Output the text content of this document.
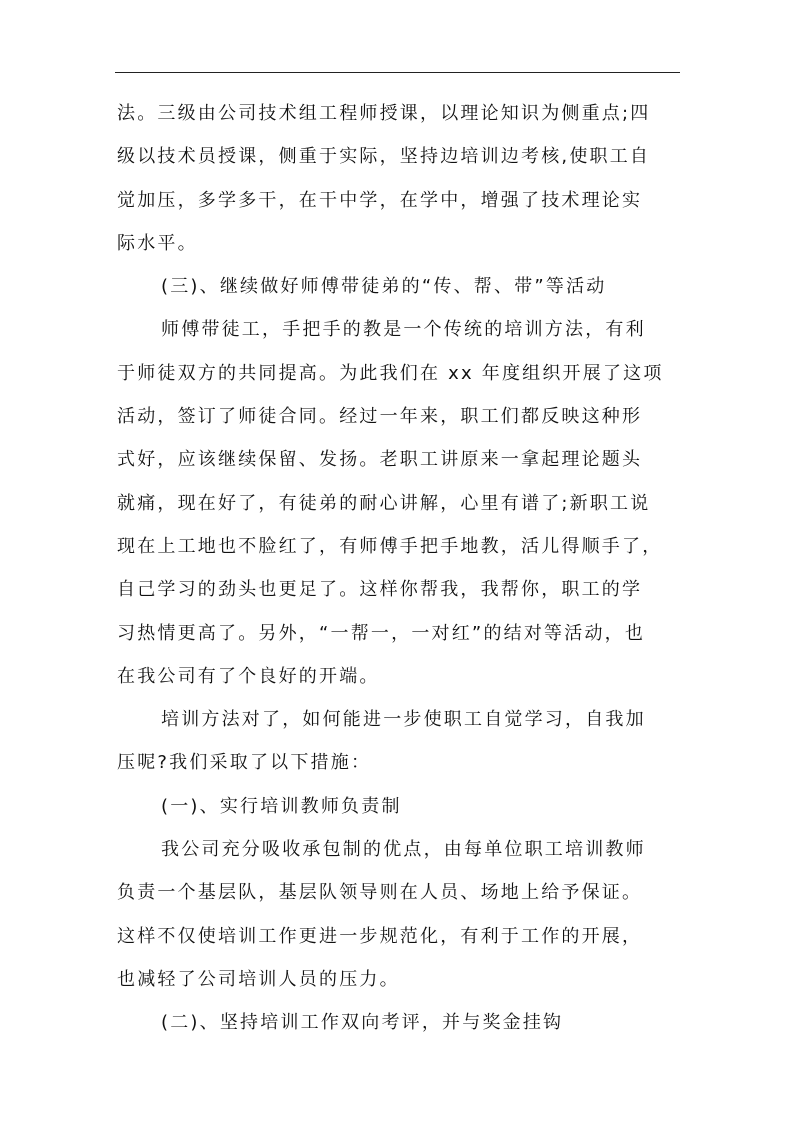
法。三级由公司技术组工程师授课，以理论知识为侧重点;四
级以技术员授课，侧重于实际，坚持边培训边考核,使职工自
觉加压，多学多干，在干中学，在学中，增强了技术理论实
际水平。
(三)、继续做好师傅带徒弟的“传、帮、带”等活动
师傅带徒工，手把手的教是一个传统的培训方法，有利
于师徒双方的共同提高。为此我们在 xx 年度组织开展了这项
活动，签订了师徒合同。经过一年来，职工们都反映这种形
式好，应该继续保留、发扬。老职工讲原来一拿起理论题头
就痛，现在好了，有徒弟的耐心讲解，心里有谱了;新职工说
现在上工地也不脸红了，有师傅手把手地教，活儿得顺手了，
自己学习的劲头也更足了。这样你帮我，我帮你，职工的学
习热情更高了。另外，“一帮一，一对红”的结对等活动，也
在我公司有了个良好的开端。
培训方法对了，如何能进一步使职工自觉学习，自我加
压呢?我们采取了以下措施：
(一)、实行培训教师负责制
我公司充分吸收承包制的优点，由每单位职工培训教师
负责一个基层队，基层队领导则在人员、场地上给予保证。
这样不仅使培训工作更进一步规范化，有利于工作的开展，
也减轻了公司培训人员的压力。
(二)、坚持培训工作双向考评，并与奖金挂钩
